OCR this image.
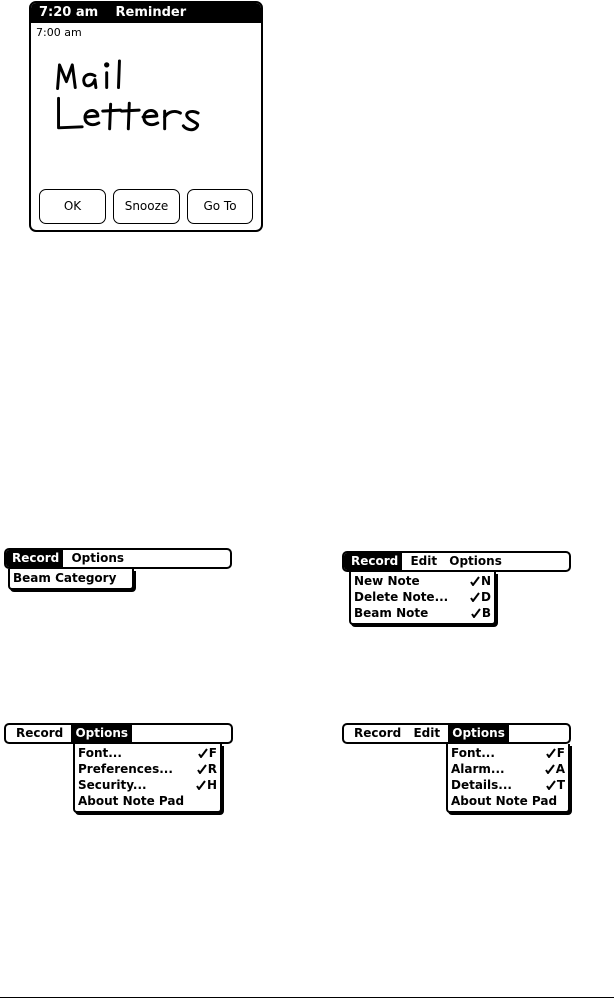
7:20 am Reminder
7:00 am
OK	Snooze	Go To
Record Options
Beam Category
Record Edit Options
New Note	N
Delete Note...	D
Beam Note	B
Record Options
Font...	F
Preferences...	R
Security...	H
About Note Pad
Record Edit Options
Font...	F
Alarm...	A
Details...	T
About Note Pad
